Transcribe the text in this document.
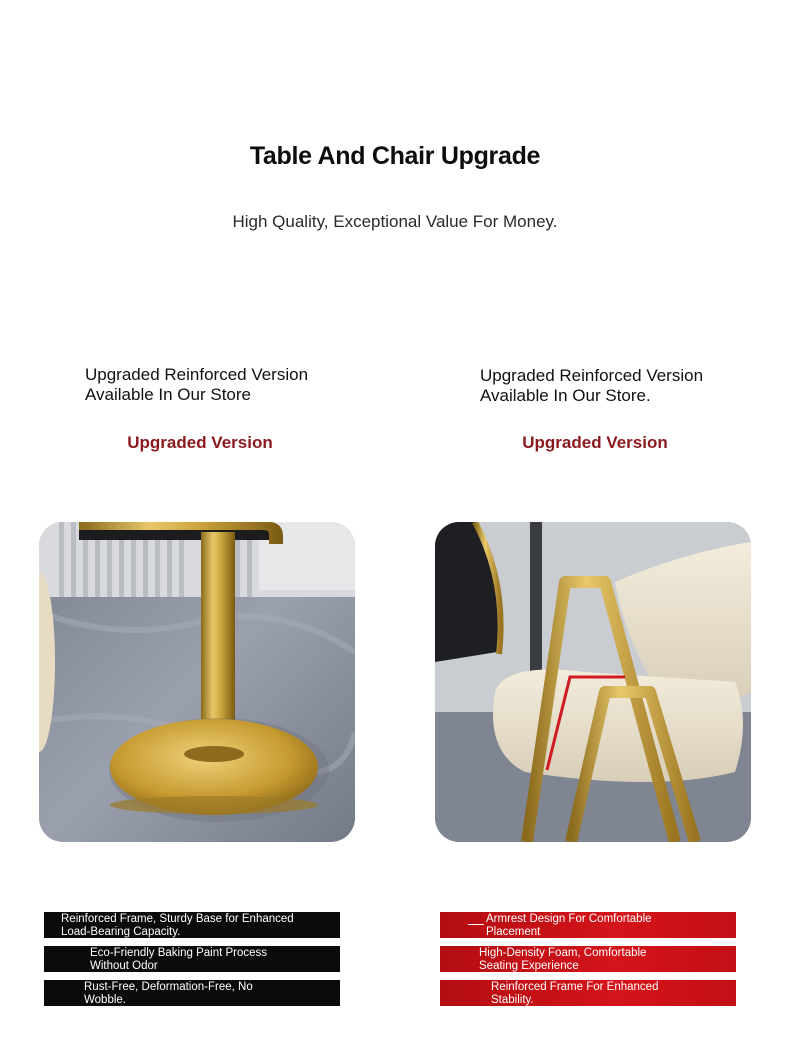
Table And Chair Upgrade
High Quality, Exceptional Value For Money.
Upgraded Reinforced Version
Available In Our Store
Upgraded Version
Upgraded Reinforced Version
Available In Our Store.
Upgraded Version
Reinforced Frame, Sturdy Base for Enhanced
Load-Bearing Capacity.
Eco-Friendly Baking Paint Process
Without Odor
Rust-Free, Deformation-Free, No
Wobble.
Armrest Design For Comfortable
Placement
High-Density Foam, Comfortable
Seating Experience
Reinforced Frame For Enhanced
Stability.
